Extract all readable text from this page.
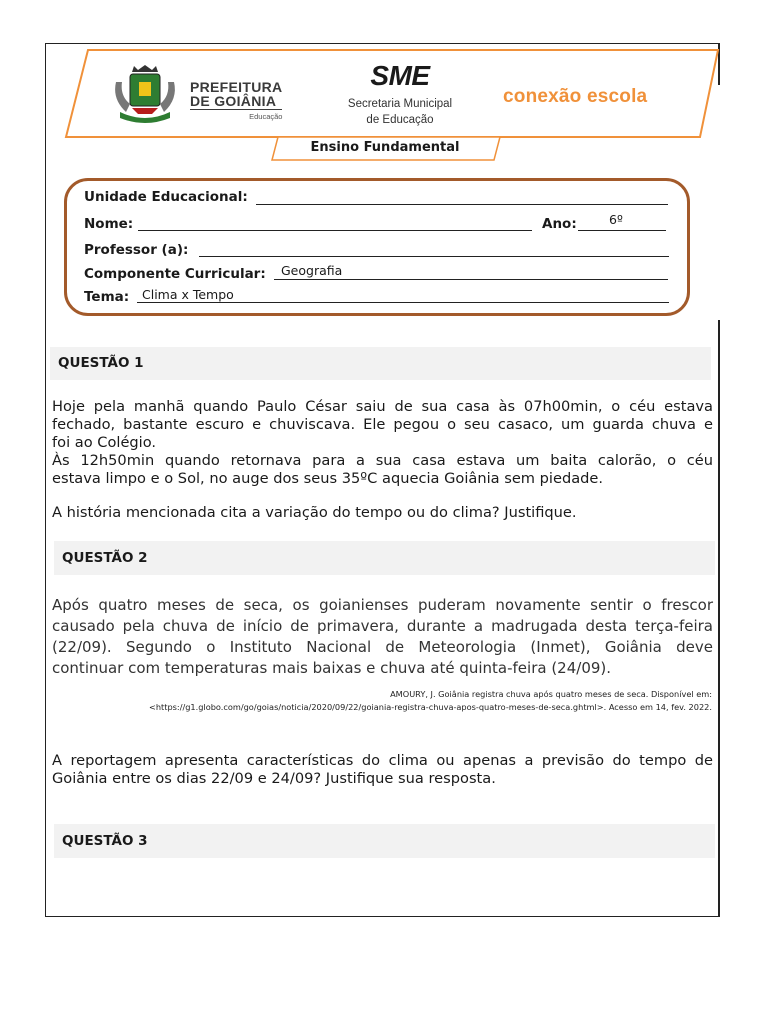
PREFEITURA
DE GOIÂNIA
Educação
SME
Secretaria Municipal
de Educação
conexão escola
Ensino Fundamental
Unidade Educacional:
Nome:	Ano:	6º
Professor (a):
Componente Curricular: Geografia
Tema: Clima x Tempo
QUESTÃO 1
Hoje pela manhã quando Paulo César saiu de sua casa às 07h00min, o céu estava
fechado, bastante escuro e chuviscava. Ele pegou o seu casaco, um guarda chuva e
foi ao Colégio.
Às 12h50min quando retornava para a sua casa estava um baita calorão, o céu
estava limpo e o Sol, no auge dos seus 35ºC aquecia Goiânia sem piedade.
A história mencionada cita a variação do tempo ou do clima? Justifique.
QUESTÃO 2
Após quatro meses de seca, os goianienses puderam novamente sentir o frescor
causado pela chuva de início de primavera, durante a madrugada desta terça-feira
(22/09). Segundo o Instituto Nacional de Meteorologia (Inmet), Goiânia deve
continuar com temperaturas mais baixas e chuva até quinta-feira (24/09).
AMOURY, J. Goiânia registra chuva após quatro meses de seca. Disponível em:
<https://g1.globo.com/go/goias/noticia/2020/09/22/goiania-registra-chuva-apos-quatro-meses-de-seca.ghtml>. Acesso em 14, fev. 2022.
A reportagem apresenta características do clima ou apenas a previsão do tempo de
Goiânia entre os dias 22/09 e 24/09? Justifique sua resposta.
QUESTÃO 3
